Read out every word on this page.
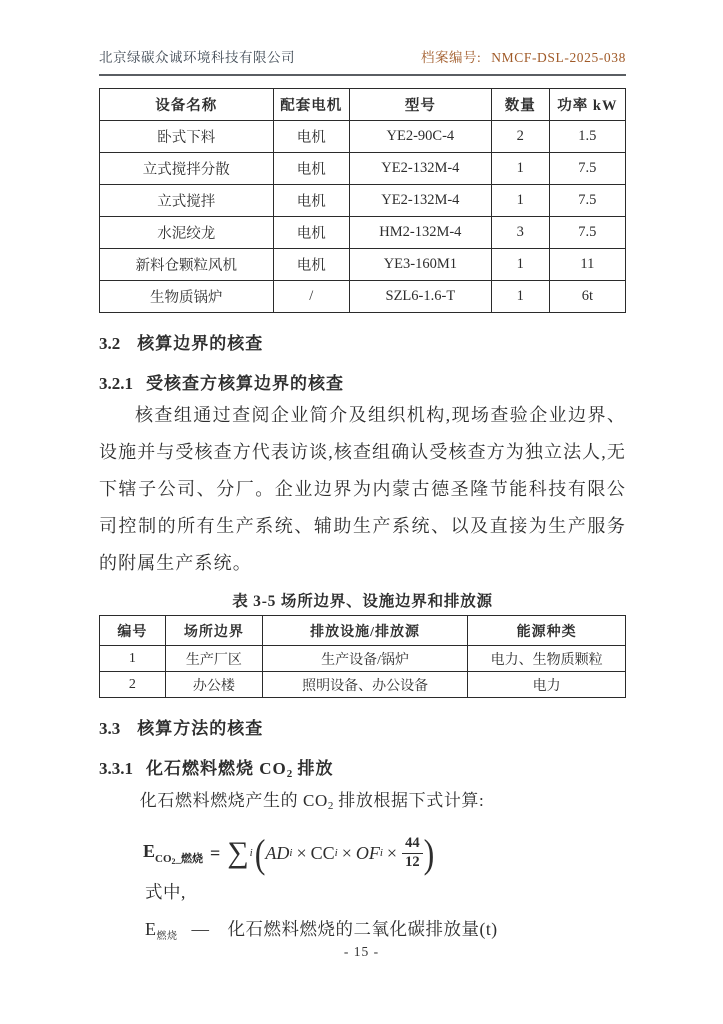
北京绿碳众诚环境科技有限公司	档案编号: NMCF-DSL-2025-038
设备名称	配套电机	型号	数量	功率 kW
卧式下料	电机	YE2-90C-4	2	1.5
立式搅拌分散	电机	YE2-132M-4	1	7.5
立式搅拌	电机	YE2-132M-4	1	7.5
水泥绞龙	电机	HM2-132M-4	3	7.5
新料仓颗粒风机	电机	YE3-160M1	1	11
生物质锅炉	/	SZL6-1.6-T	1	6t
3.2 核算边界的核查
3.2.1 受核查方核算边界的核查

核查组通过查阅企业简介及组织机构,现场查验企业边界、设施并与受核查方代表访谈,核查组确认受核查方为独立法人,无下辖子公司、分厂。企业边界为内蒙古德圣隆节能科技有限公司控制的所有生产系统、辅助生产系统、以及直接为生产服务的附属生产系统。

表 3-5 场所边界、设施边界和排放源
编号	场所边界	排放设施/排放源	能源种类
1	生产厂区	生产设备/锅炉	电力、生物质颗粒
2	办公楼	照明设备、办公设备	电力
3.3 核算方法的核查
3.3.1 化石燃料燃烧 CO2 排放

化石燃料燃烧产生的 CO2 排放根据下式计算:

$E_{CO2\_燃烧}$ = ∑ i ( AD i × CC i × OF $i \times \frac{44}{12}$ )
式中,
$E_{燃烧}$ — 化石燃料燃烧的二氧化碳排放量(t)
- 15 -
